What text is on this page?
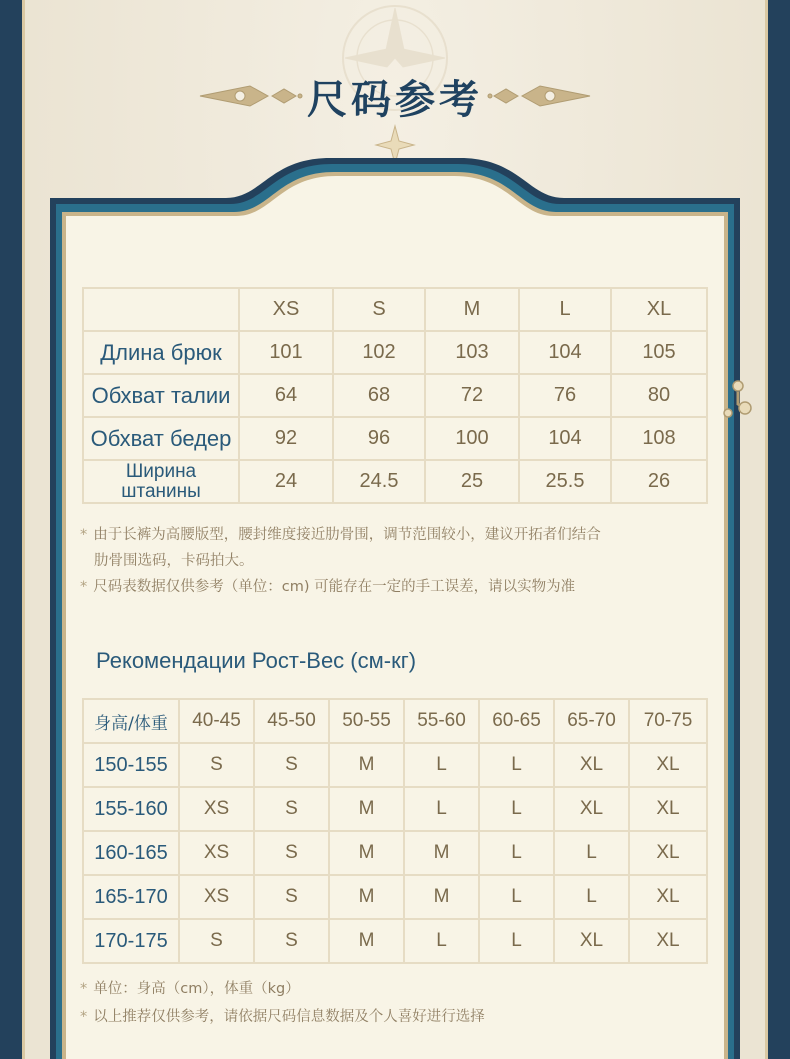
尺码参考
	XS	S	M	L	XL
Длина брюк	101	102	103	104	105
Обхват талии	64	68	72	76	80
Обхват бедер	92	96	100	104	108

Ширина
штанины	24	24.5	25	25.5	26
* 由于长裤为高腰版型，腰封维度接近肋骨围，调节范围较小，建议开拓者们结合
肋骨围选码，卡码拍大。
* 尺码表数据仅供参考（单位：cm) 可能存在一定的手工误差，请以实物为准
Рекомендации Рост-Вес (см-кг)
身高/体重	40-45	45-50	50-55	55-60	60-65	65-70	70-75
150-155	S	S	M	L	L	XL	XL
155-160	XS	S	M	L	L	XL	XL
160-165	XS	S	M	M	L	L	XL
165-170	XS	S	M	M	L	L	XL
170-175	S	S	M	L	L	XL	XL
* 单位：身高（cm），体重（kg）
* 以上推荐仅供参考，请依据尺码信息数据及个人喜好进行选择
